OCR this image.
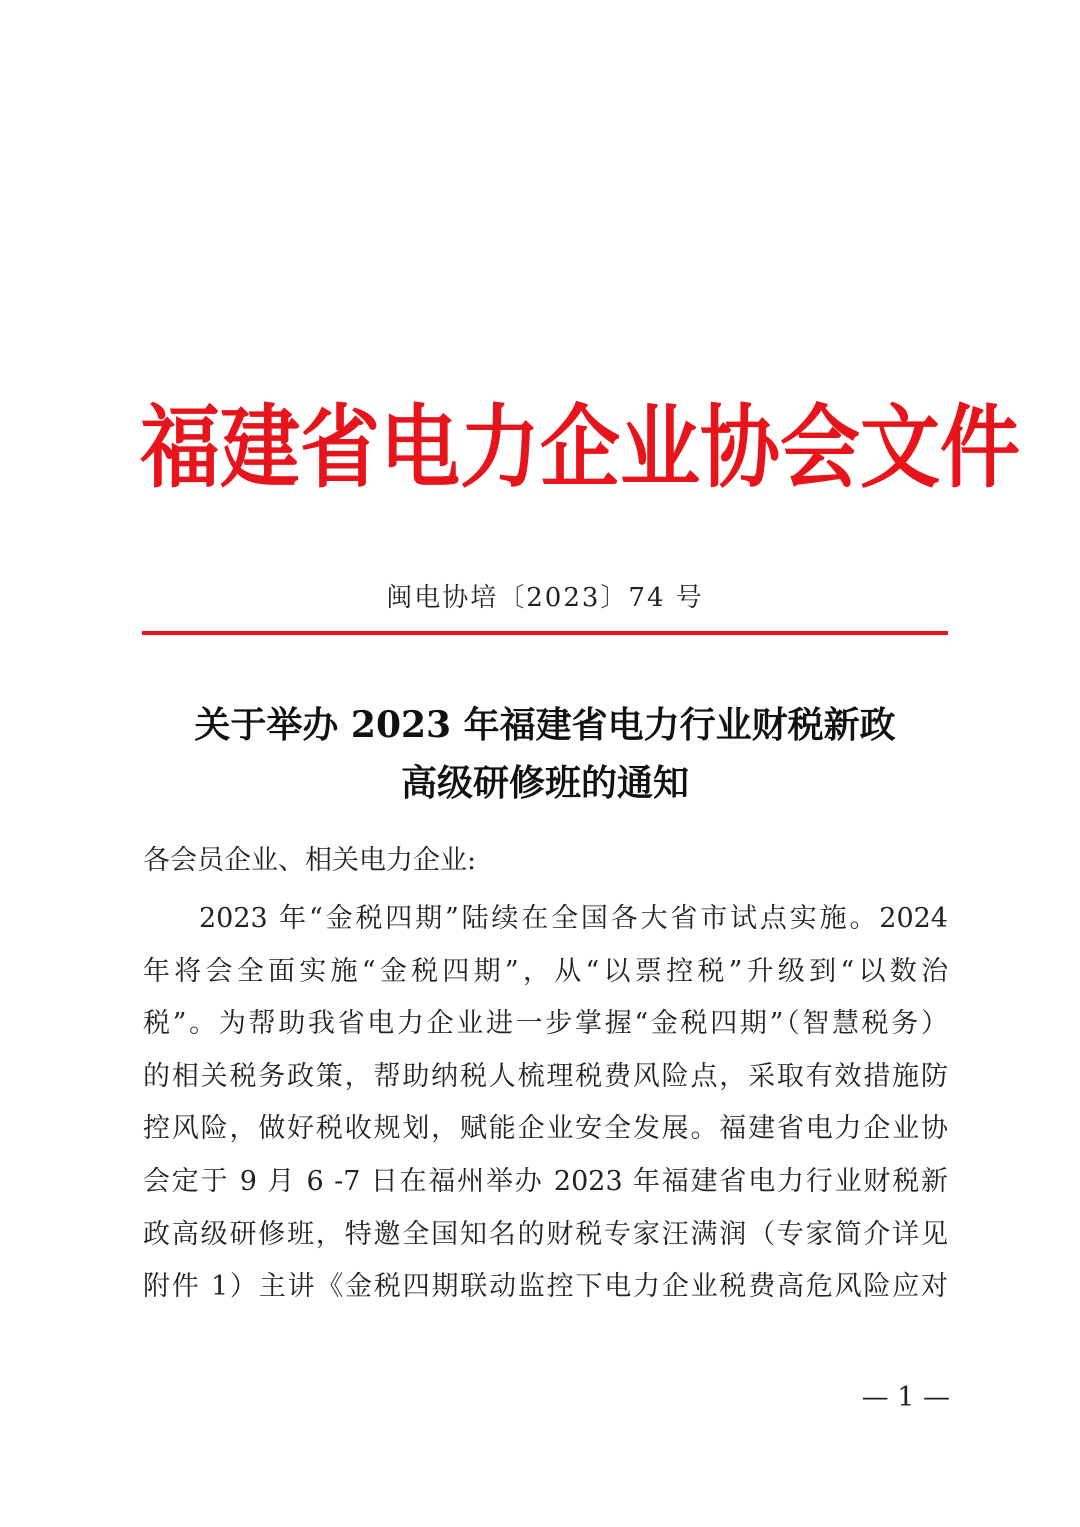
福建省电力企业协会文件
闽电协培〔2023〕74 号
关于举办 2023 年福建省电力行业财税新政
高级研修班的通知
各会员企业、相关电力企业:
2023 年“金税四期”陆续在全国各大省市试点实施。2024
年将会全面实施“金税四期”，从“以票控税”升级到“以数治
税”。为帮助我省电力企业进一步掌握“金税四期”（智慧税务）
的相关税务政策，帮助纳税人梳理税费风险点，采取有效措施防
控风险，做好税收规划，赋能企业安全发展。福建省电力企业协
会定于 9 月 6 -7 日在福州举办 2023 年福建省电力行业财税新
政高级研修班，特邀全国知名的财税专家汪满润（专家简介详见
附件 1）主讲《金税四期联动监控下电力企业税费高危风险应对
— 1 —
